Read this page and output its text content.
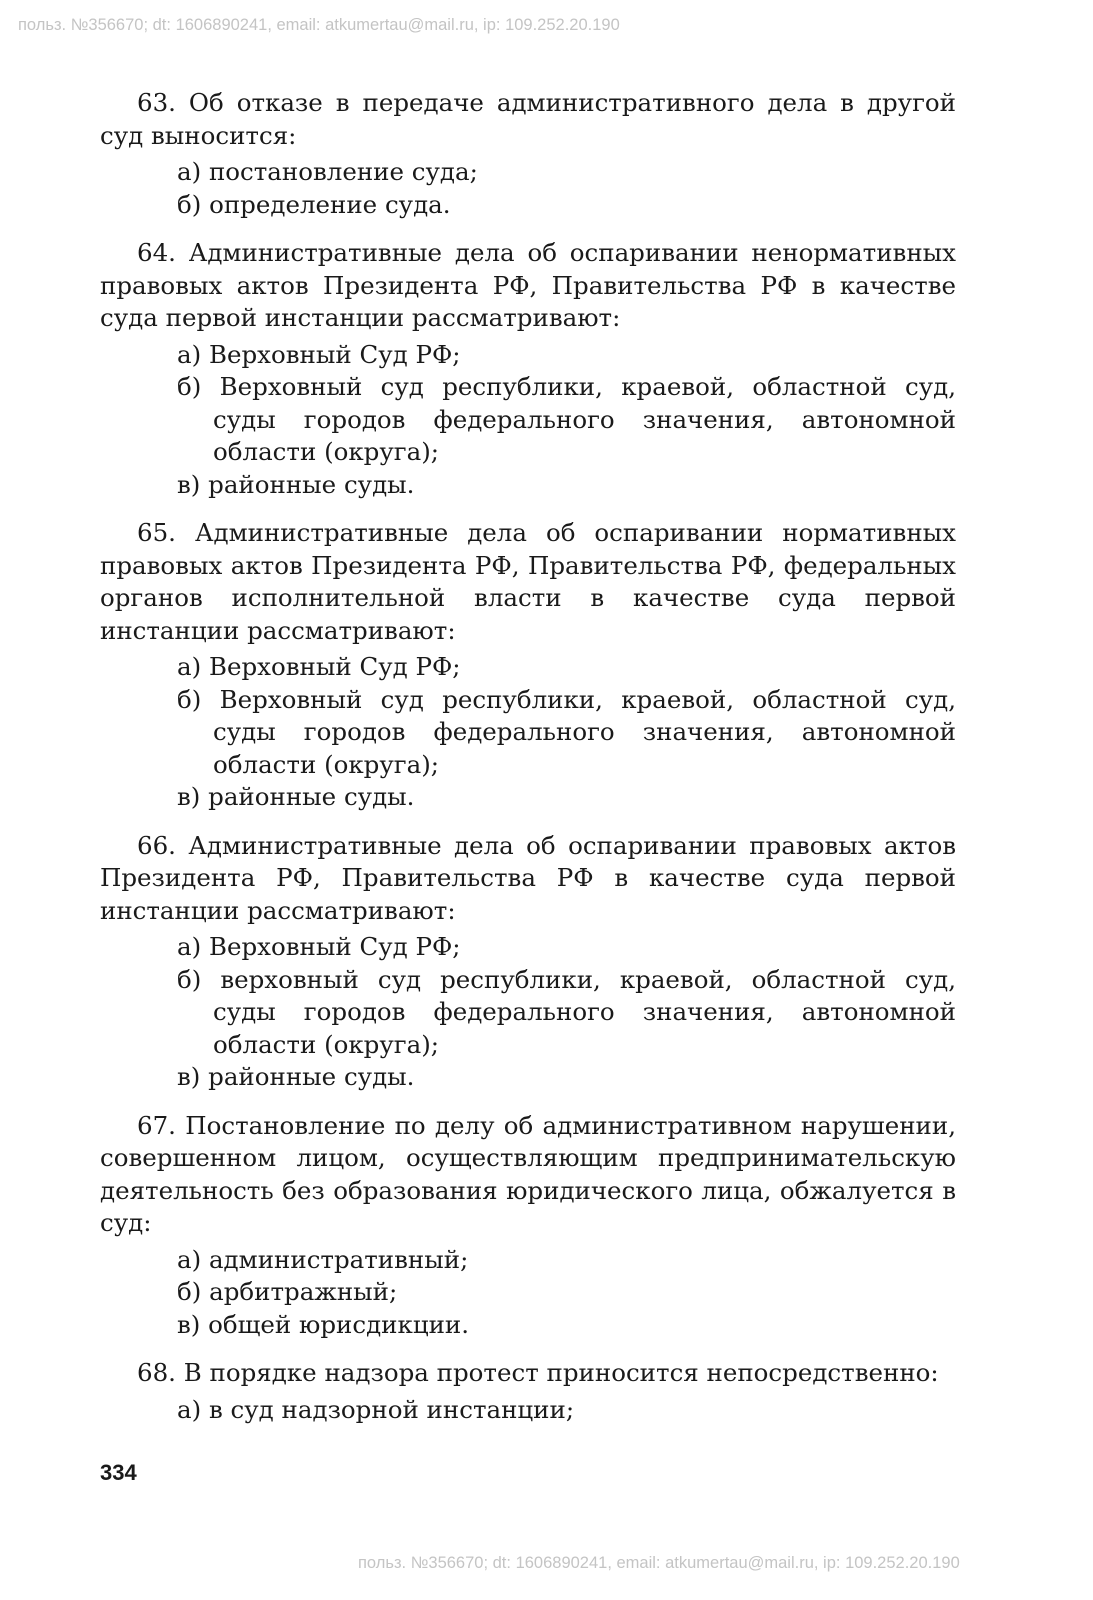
польз. №356670; dt: 1606890241, email: atkumertau@mail.ru, ip: 109.252.20.190

63. Об отказе в передаче административного дела в другой суд выносится:

а) постановление суда;
б) определение суда.

64. Административные дела об оспаривании ненормативных правовых актов Президента РФ, Правительства РФ в качестве суда первой инстанции рассматривают:

а) Верховный Суд РФ;
б) Верховный суд республики, краевой, областной суд, суды городов федерального значения, автономной области (округа);
в) районные суды.

65. Административные дела об оспаривании нормативных правовых актов Президента РФ, Правительства РФ, федеральных органов исполнительной власти в качестве суда первой инстанции рассматривают:

а) Верховный Суд РФ;
б) Верховный суд республики, краевой, областной суд, суды городов федерального значения, автономной области (округа);
в) районные суды.

66. Административные дела об оспаривании правовых актов Президента РФ, Правительства РФ в качестве суда первой инстанции рассматривают:

а) Верховный Суд РФ;
б) верховный суд республики, краевой, областной суд, суды городов федерального значения, автономной области (округа);
в) районные суды.

67. Постановление по делу об административном нарушении, совершенном лицом, осуществляющим предпринимательскую деятельность без образования юридического лица, обжалуется в суд:

а) административный;
б) арбитражный;
в) общей юрисдикции.

68. В порядке надзора протест приносится непосредственно:

а) в суд надзорной инстанции;
334
польз. №356670; dt: 1606890241, email: atkumertau@mail.ru, ip: 109.252.20.190
